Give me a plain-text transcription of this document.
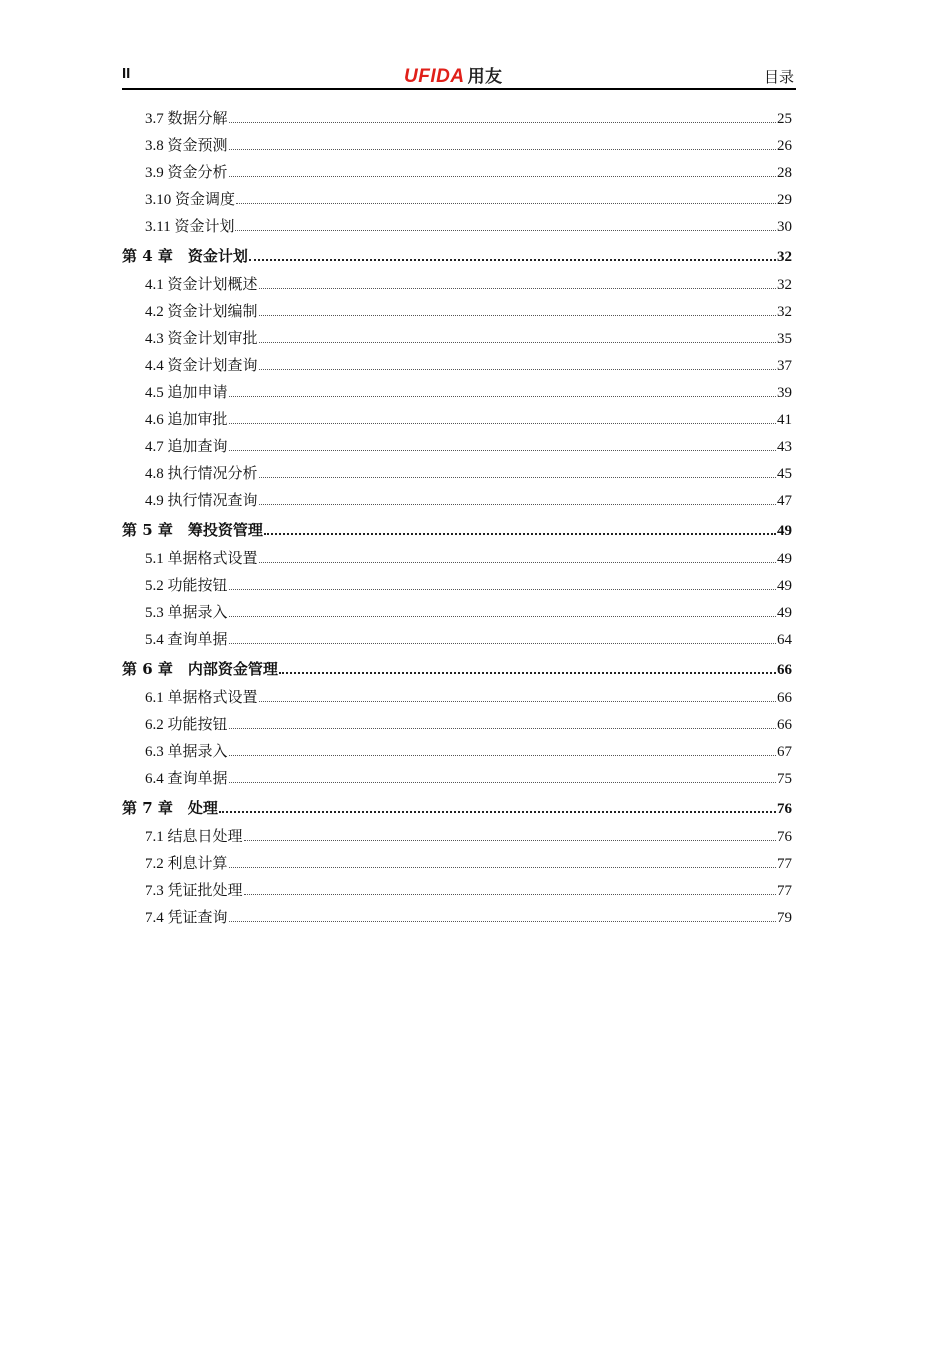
II	UFIDA 用友	目录
3.7 数据分解	25
3.8 资金预测	26
3.9 资金分析	28
3.10 资金调度	29
3.11 资金计划	30
第 4 章　资金计划	32
4.1 资金计划概述	32
4.2 资金计划编制	32
4.3 资金计划审批	35
4.4 资金计划查询	37
4.5 追加申请	39
4.6 追加审批	41
4.7 追加查询	43
4.8 执行情况分析	45
4.9 执行情况查询	47
第 5 章　筹投资管理	49
5.1 单据格式设置	49
5.2 功能按钮	49
5.3 单据录入	49
5.4 查询单据	64
第 6 章　内部资金管理	66
6.1 单据格式设置	66
6.2 功能按钮	66
6.3 单据录入	67
6.4 查询单据	75
第 7 章　处理	76
7.1 结息日处理	76
7.2 利息计算	77
7.3 凭证批处理	77
7.4 凭证查询	79
